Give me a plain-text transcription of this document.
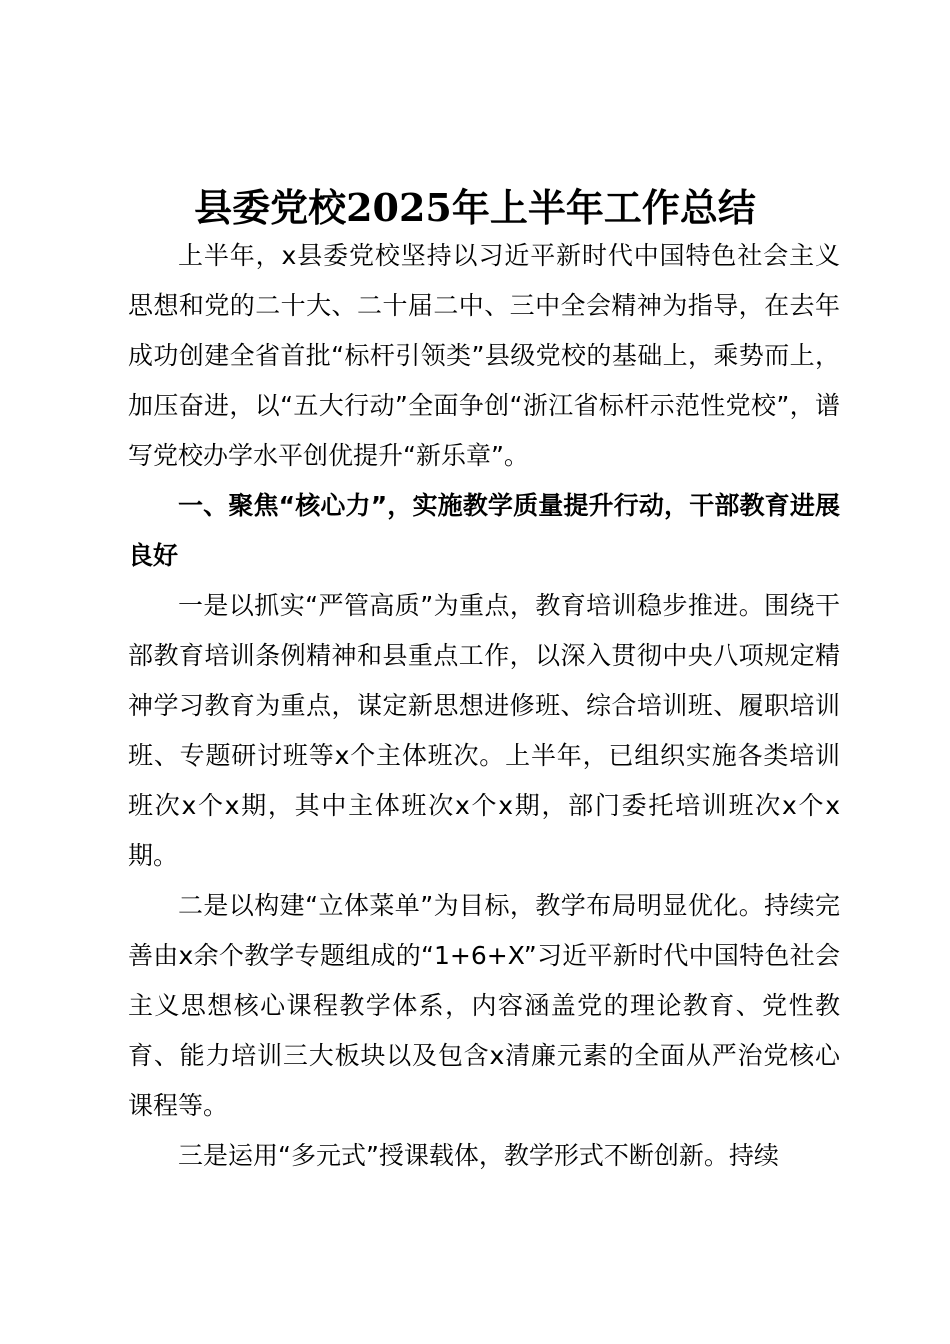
县委党校2025年上半年工作总结

上半年，x县委党校坚持以习近平新时代中国特色社会主义思想和党的二十大、二十届二中、三中全会精神为指导，在去年成功创建全省首批“标杆引领类”县级党校的基础上，乘势而上，加压奋进，以“五大行动”全面争创“浙江省标杆示范性党校”，谱写党校办学水平创优提升“新乐章”。

一、聚焦“核心力”，实施教学质量提升行动，干部教育进展良好

一是以抓实“严管高质”为重点，教育培训稳步推进。围绕干部教育培训条例精神和县重点工作，以深入贯彻中央八项规定精神学习教育为重点，谋定新思想进修班、综合培训班、履职培训班、专题研讨班等x个主体班次。上半年，已组织实施各类培训班次x个x期，其中主体班次x个x期，部门委托培训班次x个x期。

二是以构建“立体菜单”为目标，教学布局明显优化。持续完善由x余个教学专题组成的“1+6+X”习近平新时代中国特色社会主义思想核心课程教学体系，内容涵盖党的理论教育、党性教育、能力培训三大板块以及包含x清廉元素的全面从严治党核心课程等。

三是运用“多元式”授课载体，教学形式不断创新。持续
